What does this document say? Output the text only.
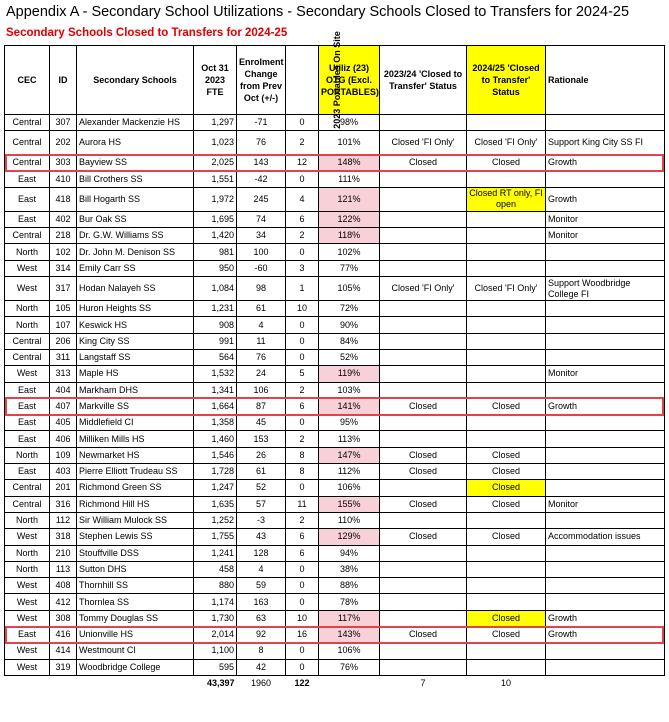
Appendix A - Secondary School Utilizations - Secondary Schools Closed to Transfers for 2024-25
Secondary Schools Closed to Transfers for 2024-25
CEC	ID	Secondary Schools	Oct 31 2023 FTE	Enrolment Change from Prev Oct (+/-)	2023 Portables On Site	Utiliz (23) OTG (Excl. PORTABLES)	2023/24 'Closed to Transfer' Status	2024/25 'Closed to Transfer' Status	Rationale
Central	307	Alexander Mackenzie HS	1,297	-71	0	98%			
Central	202	Aurora HS	1,023	76	2	101%	Closed 'FI Only'	Closed 'FI Only'	Support King City SS FI
Central	303	Bayview SS	2,025	143	12	148%	Closed	Closed	Growth
East	410	Bill Crothers SS	1,551	-42	0	111%			
East	418	Bill Hogarth SS	1,972	245	4	121%		Closed RT only, FI open	Growth
East	402	Bur Oak SS	1,695	74	6	122%			Monitor
Central	218	Dr. G.W. Williams SS	1,420	34	2	118%			Monitor
North	102	Dr. John M. Denison SS	981	100	0	102%			
West	314	Emily Carr SS	950	-60	3	77%			
West	317	Hodan Nalayeh SS	1,084	98	1	105%	Closed 'FI Only'	Closed 'FI Only'	Support Woodbridge College FI
North	105	Huron Heights SS	1,231	61	10	72%			
North	107	Keswick HS	908	4	0	90%			
Central	206	King City SS	991	11	0	84%			
Central	311	Langstaff SS	564	76	0	52%			
West	313	Maple HS	1,532	24	5	119%			Monitor
East	404	Markham DHS	1,341	106	2	103%			
East	407	Markville SS	1,664	87	6	141%	Closed	Closed	Growth
East	405	Middlefield CI	1,358	45	0	95%			
East	406	Milliken Mills HS	1,460	153	2	113%			
North	109	Newmarket HS	1,546	26	8	147%	Closed	Closed	
East	403	Pierre Elliott Trudeau SS	1,728	61	8	112%	Closed	Closed	
Central	201	Richmond Green SS	1,247	52	0	106%		Closed	
Central	316	Richmond Hill HS	1,635	57	11	155%	Closed	Closed	Monitor
North	112	Sir William Mulock SS	1,252	-3	2	110%			
West	318	Stephen Lewis SS	1,755	43	6	129%	Closed	Closed	Accommodation issues
North	210	Stouffville DSS	1,241	128	6	94%			
North	113	Sutton DHS	458	4	0	38%			
West	408	Thornhill SS	880	59	0	88%			
West	412	Thornlea SS	1,174	163	0	78%			
West	308	Tommy Douglas SS	1,730	63	10	117%		Closed	Growth
East	416	Unionville HS	2,014	92	16	143%	Closed	Closed	Growth
West	414	Westmount CI	1,100	8	0	106%			
West	319	Woodbridge College	595	42	0	76%			
			43,397	1960	122		7	10	
